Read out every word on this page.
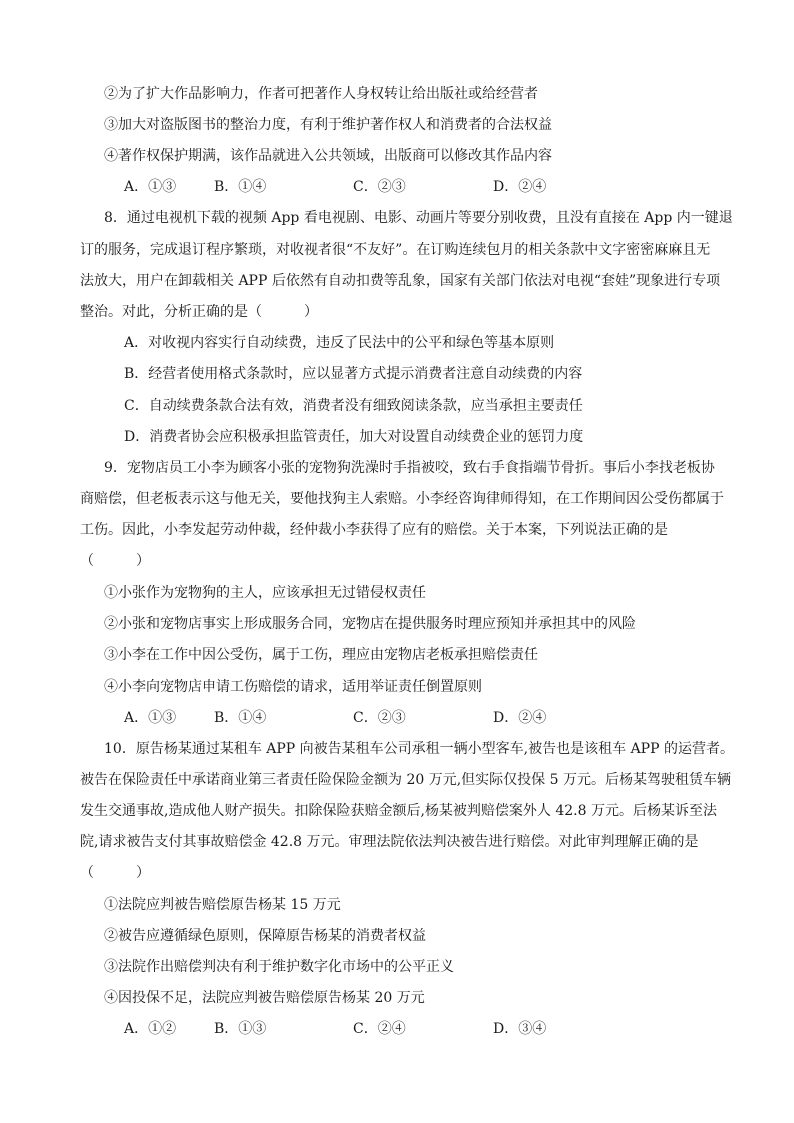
②为了扩大作品影响力，作者可把著作人身权转让给出版社或给经营者
③加大对盗版图书的整治力度，有利于维护著作权人和消费者的合法权益
④著作权保护期满，该作品就进入公共领域，出版商可以修改其作品内容
A．①③	B．①④	C．②③	D．②④
8．通过电视机下载的视频 App 看电视剧、电影、动画片等要分别收费，且没有直接在 App 内一键退
订的服务，完成退订程序繁琐，对收视者很“不友好”。在订购连续包月的相关条款中文字密密麻麻且无
法放大，用户在卸载相关 APP 后依然有自动扣费等乱象，国家有关部门依法对电视“套娃”现象进行专项
整治。对此，分析正确的是（　　　）
A．对收视内容实行自动续费，违反了民法中的公平和绿色等基本原则
B．经营者使用格式条款时，应以显著方式提示消费者注意自动续费的内容
C．自动续费条款合法有效，消费者没有细致阅读条款，应当承担主要责任
D．消费者协会应积极承担监管责任，加大对设置自动续费企业的惩罚力度
9．宠物店员工小李为顾客小张的宠物狗洗澡时手指被咬，致右手食指端节骨折。事后小李找老板协
商赔偿，但老板表示这与他无关，要他找狗主人索赔。小李经咨询律师得知，在工作期间因公受伤都属于
工伤。因此，小李发起劳动仲裁，经仲裁小李获得了应有的赔偿。关于本案，下列说法正确的是
（　　　）
①小张作为宠物狗的主人，应该承担无过错侵权责任
②小张和宠物店事实上形成服务合同，宠物店在提供服务时理应预知并承担其中的风险
③小李在工作中因公受伤，属于工伤，理应由宠物店老板承担赔偿责任
④小李向宠物店申请工伤赔偿的请求，适用举证责任倒置原则
A．①③	B．①④	C．②③	D．②④
10．原告杨某通过某租车 APP 向被告某租车公司承租一辆小型客车,被告也是该租车 APP 的运营者。
被告在保险责任中承诺商业第三者责任险保险金额为 20 万元,但实际仅投保 5 万元。后杨某驾驶租赁车辆
发生交通事故,造成他人财产损失。扣除保险获赔金额后,杨某被判赔偿案外人 42.8 万元。后杨某诉至法
院,请求被告支付其事故赔偿金 42.8 万元。审理法院依法判决被告进行赔偿。对此审判理解正确的是
（　　　）
①法院应判被告赔偿原告杨某 15 万元
②被告应遵循绿色原则，保障原告杨某的消费者权益
③法院作出赔偿判决有利于维护数字化市场中的公平正义
④因投保不足，法院应判被告赔偿原告杨某 20 万元
A．①②	B．①③	C．②④	D．③④
